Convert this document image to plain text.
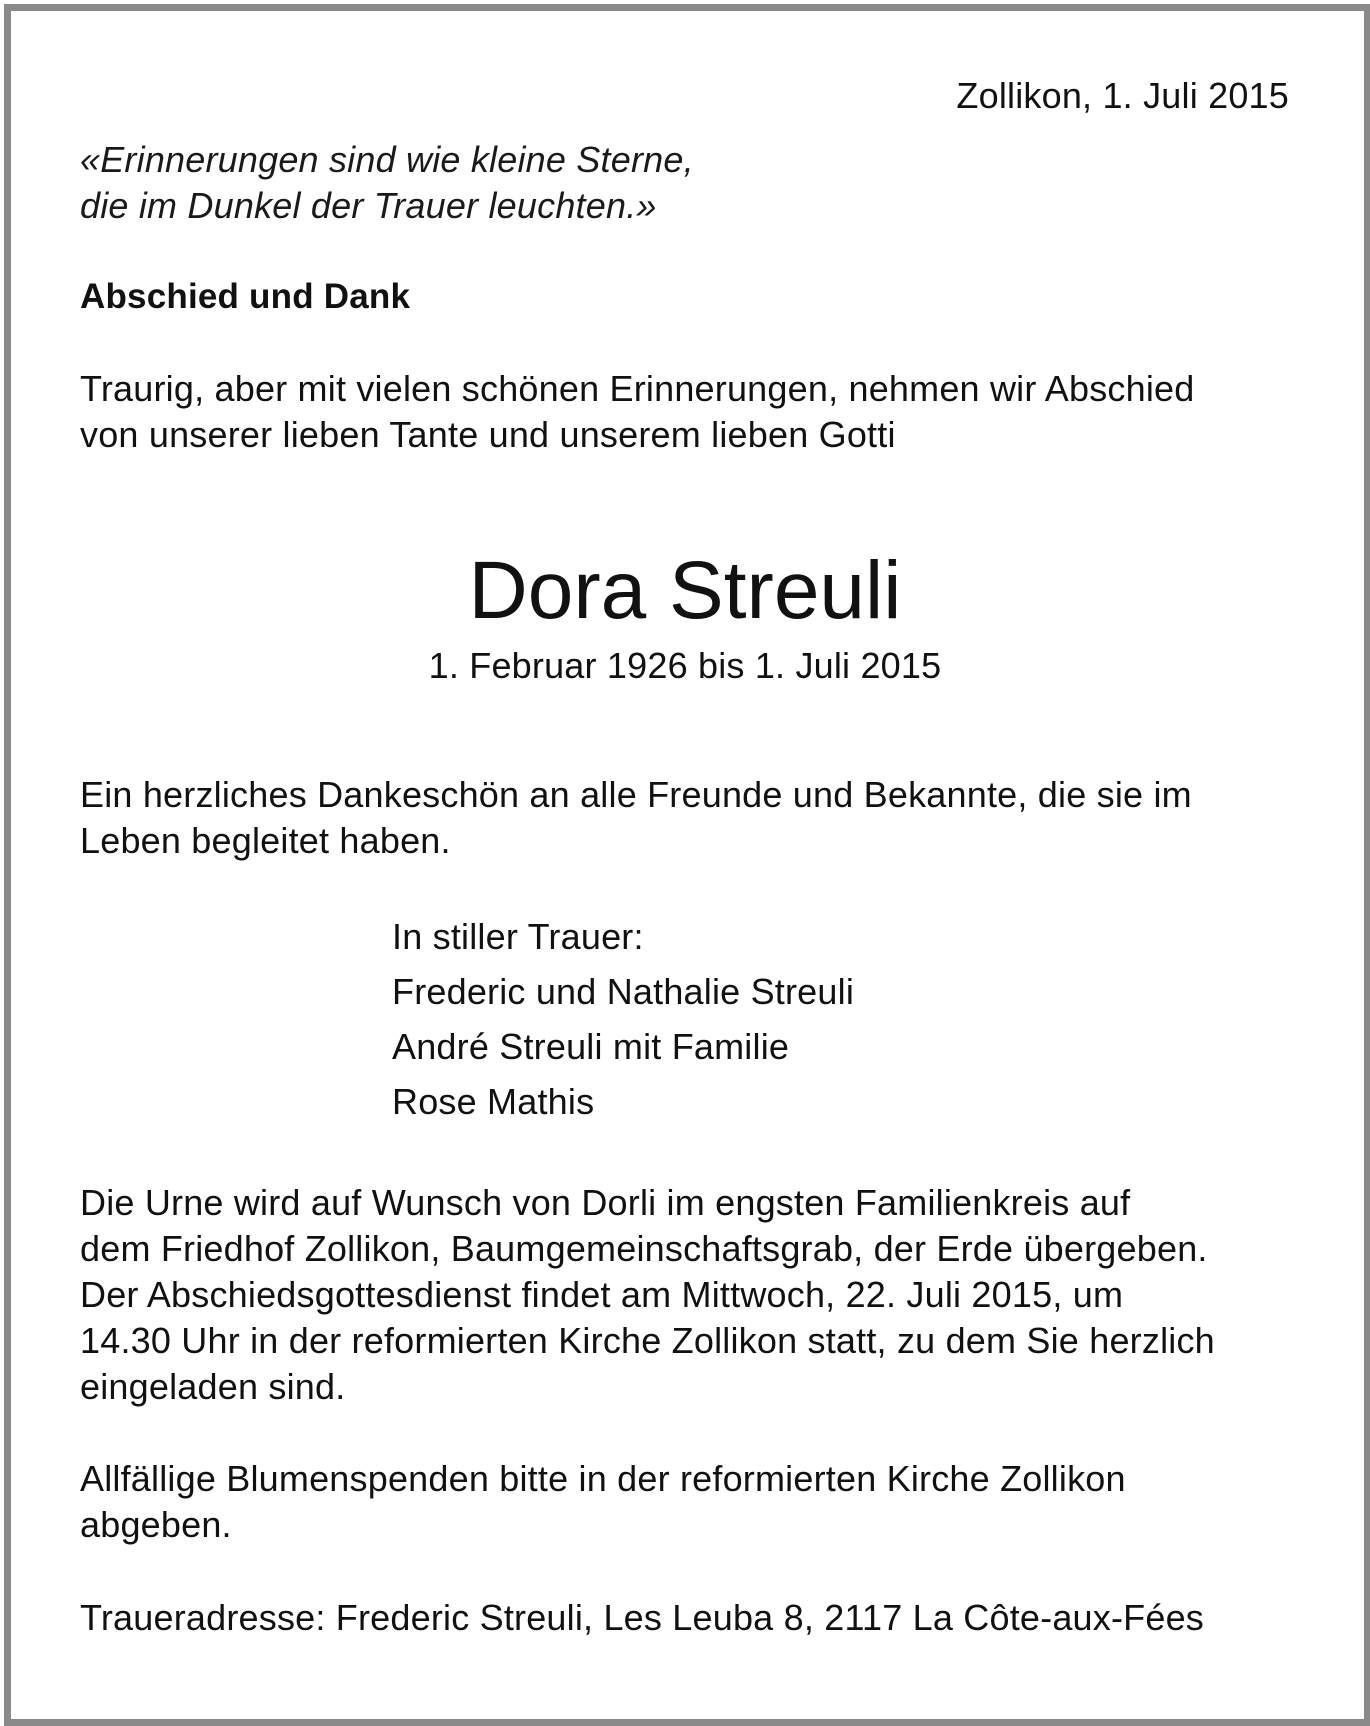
Zollikon, 1. Juli 2015

«Erinnerungen sind wie kleine Sterne,
die im Dunkel der Trauer leuchten.»

Abschied und Dank

Traurig, aber mit vielen schönen Erinnerungen, nehmen wir Abschied
von unserer lieben Tante und unserem lieben Gotti

Dora Streuli

1. Februar 1926 bis 1. Juli 2015

Ein herzliches Dankeschön an alle Freunde und Bekannte, die sie im
Leben begleitet haben.

In stiller Trauer:
Frederic und Nathalie Streuli
André Streuli mit Familie
Rose Mathis

Die Urne wird auf Wunsch von Dorli im engsten Familienkreis auf
dem Friedhof Zollikon, Baumgemeinschaftsgrab, der Erde übergeben.
Der Abschiedsgottesdienst findet am Mittwoch, 22. Juli 2015, um
14.30 Uhr in der reformierten Kirche Zollikon statt, zu dem Sie herzlich
eingeladen sind.

Allfällige Blumenspenden bitte in der reformierten Kirche Zollikon
abgeben.

Traueradresse: Frederic Streuli, Les Leuba 8, 2117 La Côte-aux-Fées
